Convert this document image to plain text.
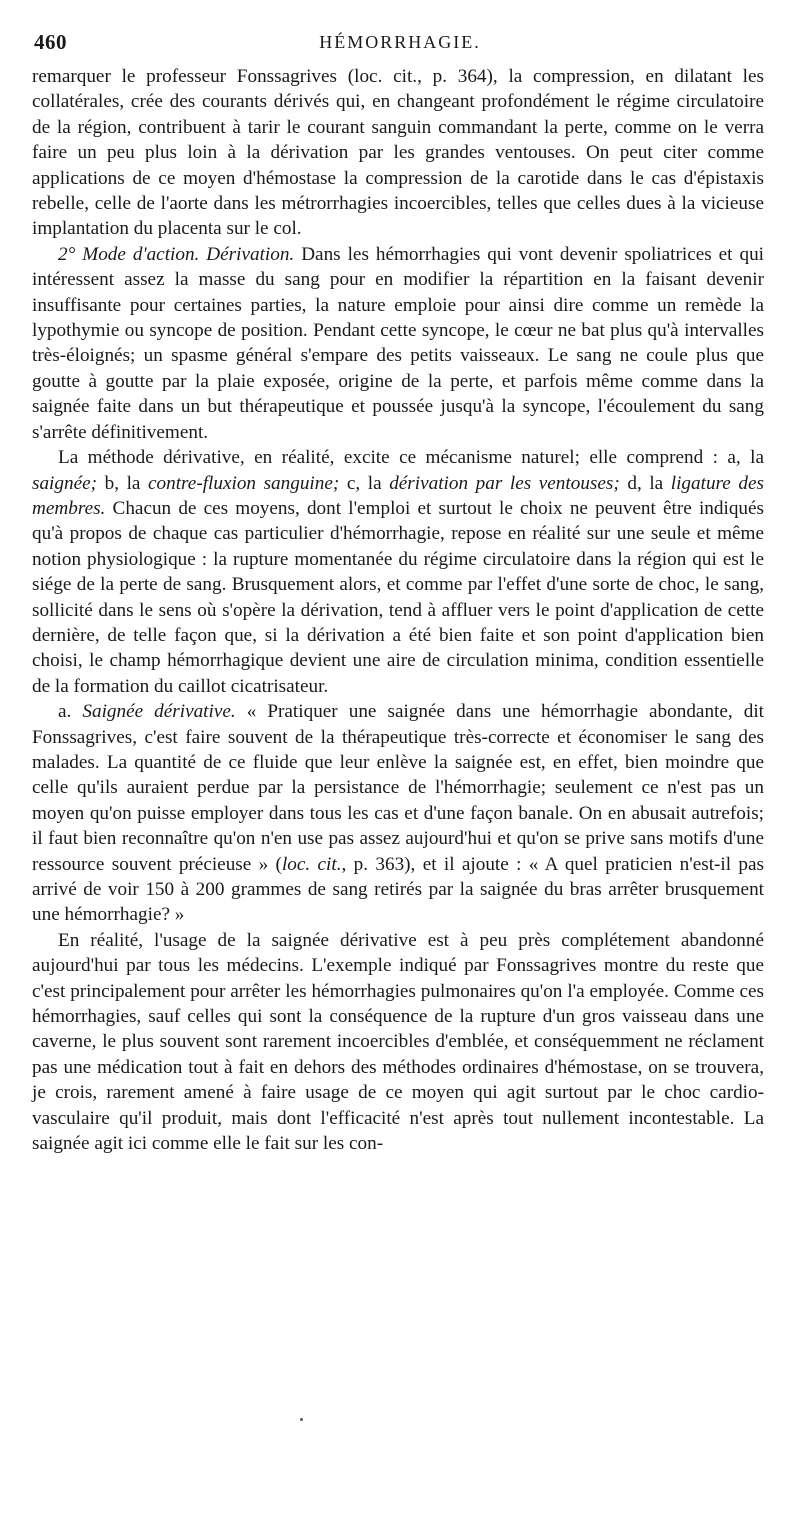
460	HÉMORRHAGIE.

remarquer le professeur Fonssagrives (loc. cit., p. 364), la compression, en dilatant les collatérales, crée des courants dérivés qui, en changeant profondément le régime circulatoire de la région, contribuent à tarir le courant sanguin commandant la perte, comme on le verra faire un peu plus loin à la dérivation par les grandes ventouses. On peut citer comme applications de ce moyen d'hémostase la compression de la carotide dans le cas d'épistaxis rebelle, celle de l'aorte dans les métrorrhagies incoercibles, telles que celles dues à la vicieuse implantation du placenta sur le col.

2° Mode d'action. Dérivation. Dans les hémorrhagies qui vont devenir spoliatrices et qui intéressent assez la masse du sang pour en modifier la répartition en la faisant devenir insuffisante pour certaines parties, la nature emploie pour ainsi dire comme un remède la lypothymie ou syncope de position. Pendant cette syncope, le cœur ne bat plus qu'à intervalles très-éloignés; un spasme général s'empare des petits vaisseaux. Le sang ne coule plus que goutte à goutte par la plaie exposée, origine de la perte, et parfois même comme dans la saignée faite dans un but thérapeutique et poussée jusqu'à la syncope, l'écoulement du sang s'arrête définitivement.

La méthode dérivative, en réalité, excite ce mécanisme naturel; elle comprend : a, la saignée; b, la contre-fluxion sanguine; c, la dérivation par les ventouses; d, la ligature des membres. Chacun de ces moyens, dont l'emploi et surtout le choix ne peuvent être indiqués qu'à propos de chaque cas particulier d'hémorrhagie, repose en réalité sur une seule et même notion physiologique : la rupture momentanée du régime circulatoire dans la région qui est le siége de la perte de sang. Brusquement alors, et comme par l'effet d'une sorte de choc, le sang, sollicité dans le sens où s'opère la dérivation, tend à affluer vers le point d'application de cette dernière, de telle façon que, si la dérivation a été bien faite et son point d'application bien choisi, le champ hémorrhagique devient une aire de circulation minima, condition essentielle de la formation du caillot cicatrisateur.

a. Saignée dérivative. « Pratiquer une saignée dans une hémorrhagie abondante, dit Fonssagrives, c'est faire souvent de la thérapeutique très-correcte et économiser le sang des malades. La quantité de ce fluide que leur enlève la saignée est, en effet, bien moindre que celle qu'ils auraient perdue par la persistance de l'hémorrhagie; seulement ce n'est pas un moyen qu'on puisse employer dans tous les cas et d'une façon banale. On en abusait autrefois; il faut bien reconnaître qu'on n'en use pas assez aujourd'hui et qu'on se prive sans motifs d'une ressource souvent précieuse » (loc. cit., p. 363), et il ajoute : « A quel praticien n'est-il pas arrivé de voir 150 à 200 grammes de sang retirés par la saignée du bras arrêter brusquement une hémorrhagie? »

En réalité, l'usage de la saignée dérivative est à peu près complétement abandonné aujourd'hui par tous les médecins. L'exemple indiqué par Fonssagrives montre du reste que c'est principalement pour arrêter les hémorrhagies pulmonaires qu'on l'a employée. Comme ces hémorrhagies, sauf celles qui sont la conséquence de la rupture d'un gros vaisseau dans une caverne, le plus souvent sont rarement incoercibles d'emblée, et conséquemment ne réclament pas une médication tout à fait en dehors des méthodes ordinaires d'hémostase, on se trouvera, je crois, rarement amené à faire usage de ce moyen qui agit surtout par le choc cardio-vasculaire qu'il produit, mais dont l'efficacité n'est après tout nullement incontestable. La saignée agit ici comme elle le fait sur les con-
